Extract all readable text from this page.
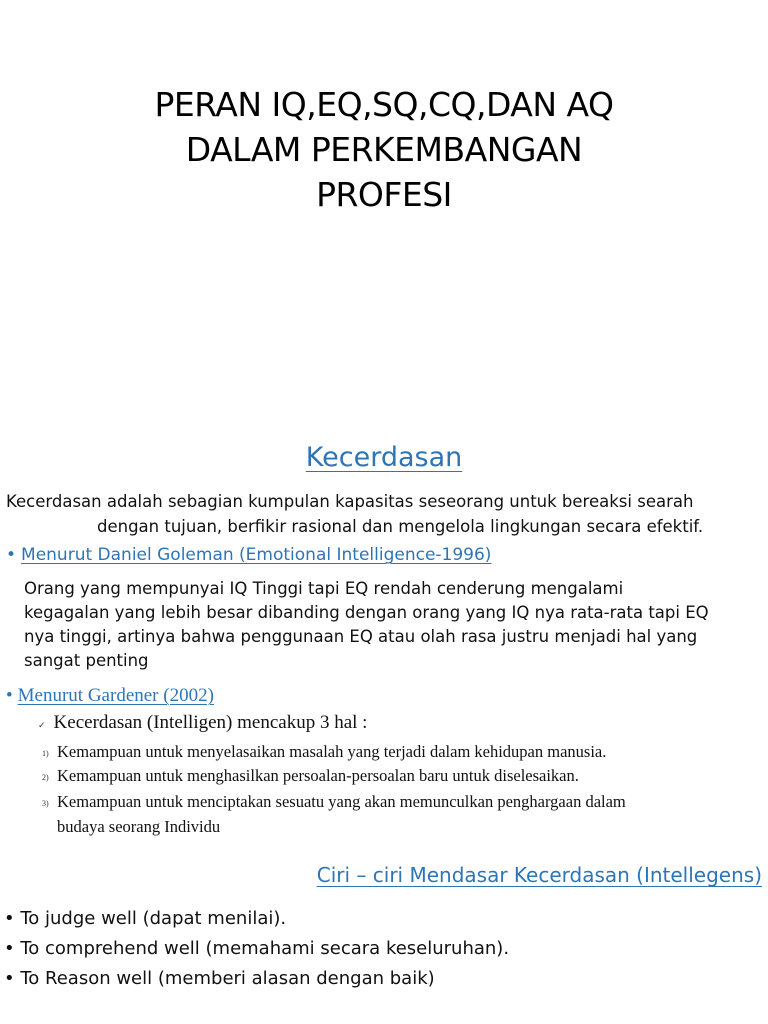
PERAN IQ,EQ,SQ,CQ,DAN AQ
DALAM PERKEMBANGAN
PROFESI
Kecerdasan
Kecerdasan adalah sebagian kumpulan kapasitas seseorang untuk bereaksi searah
dengan tujuan, berfikir rasional dan mengelola lingkungan secara efektif.
• Menurut Daniel Goleman (Emotional Intelligence-1996)
Orang yang mempunyai IQ Tinggi tapi EQ rendah cenderung mengalami
kegagalan yang lebih besar dibanding dengan orang yang IQ nya rata-rata tapi EQ
nya tinggi, artinya bahwa penggunaan EQ atau olah rasa justru menjadi hal yang
sangat penting
• Menurut Gardener (2002)
✓ Kecerdasan (Intelligen) mencakup 3 hal :
1) Kemampuan untuk menyelasaikan masalah yang terjadi dalam kehidupan manusia.
2) Kemampuan untuk menghasilkan persoalan-persoalan baru untuk diselesaikan.
3) Kemampuan untuk menciptakan sesuatu yang akan memunculkan penghargaan dalam
budaya seorang Individu
Ciri – ciri Mendasar Kecerdasan (Intellegens)
• To judge well (dapat menilai).
• To comprehend well (memahami secara keseluruhan).
• To Reason well (memberi alasan dengan baik)
